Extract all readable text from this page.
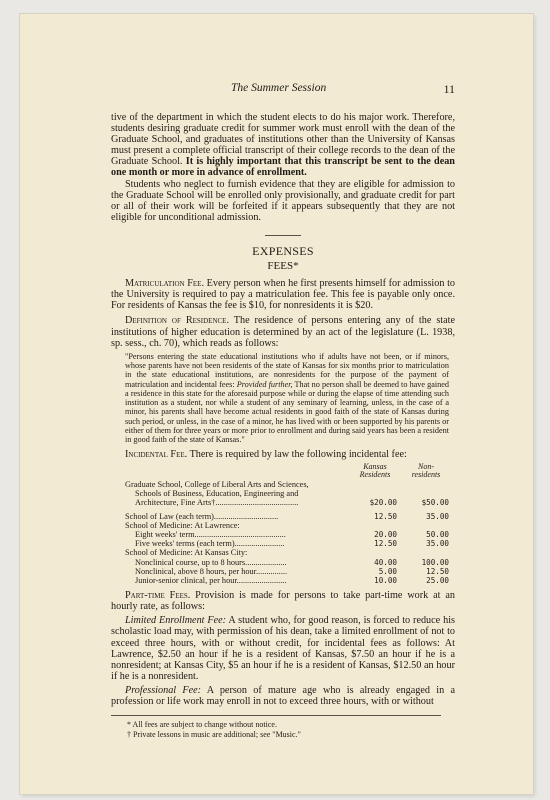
The Summer Session	11

tive of the department in which the student elects to do his major work. Therefore, students desiring graduate credit for summer work must enroll with the dean of the Graduate School, and graduates of institutions other than the University of Kansas must present a complete official transcript of their college records to the dean of the Graduate School. It is highly important that this transcript be sent to the dean one month or more in advance of enrollment.

Students who neglect to furnish evidence that they are eligible for admission to the Graduate School will be enrolled only provisionally, and graduate credit for part or all of their work will be forfeited if it appears subsequently that they are not eligible for unconditional admission.

EXPENSES
FEES*

Matriculation Fee. Every person when he first presents himself for admission to the University is required to pay a matriculation fee. This fee is payable only once. For residents of Kansas the fee is $10, for nonresidents it is $20.

Definition of Residence. The residence of persons entering any of the state institutions of higher education is determined by an act of the legislature (L. 1938, sp. sess., ch. 70), which reads as follows:

"Persons entering the state educational institutions who if adults have not been, or if minors, whose parents have not been residents of the state of Kansas for six months prior to matriculation in the state educational institutions, are nonresidents for the purpose of the payment of matriculation and incidental fees: Provided further, That no person shall be deemed to have gained a residence in this state for the aforesaid purpose while or during the elapse of time attending such institution as a student, nor while a student of any seminary of learning, unless, in the case of a minor, his parents shall have become actual residents in good faith of the state of Kansas during such period, or unless, in the case of a minor, he has lived with or been supported by his parents or either of them for three years or more prior to enrollment and during said years has been a resident in good faith of the state of Kansas."

Incidental Fee. There is required by law the following incidental fee:

	Kansas
Residents	Non-
residents
Graduate School, College of Liberal Arts and Sciences,		
Schools of Business, Education, Engineering and		
Architecture, Fine Arts†........................................	$20.00	$50.00

School of Law (each term)...............................	12.50	35.00
School of Medicine: At Lawrence:		
Eight weeks' term............................................	20.00	50.00
Five weeks' terms (each term)........................	12.50	35.00
School of Medicine: At Kansas City:		
Nonclinical course, up to 8 hours....................	40.00	100.00
Nonclinical, above 8 hours, per hour...............	5.00	12.50
Junior-senior clinical, per hour........................	10.00	25.00

Part-time Fees. Provision is made for persons to take part-time work at an hourly rate, as follows:

Limited Enrollment Fee: A student who, for good reason, is forced to reduce his scholastic load may, with permission of his dean, take a limited enrollment of not to exceed three hours, with or without credit, for incidental fees as follows: At Lawrence, $2.50 an hour if he is a resident of Kansas, $7.50 an hour if he is a nonresident; at Kansas City, $5 an hour if he is a resident of Kansas, $12.50 an hour if he is a nonresident.

Professional Fee: A person of mature age who is already engaged in a profession or life work may enroll in not to exceed three hours, with or without

* All fees are subject to change without notice.
† Private lessons in music are additional; see "Music."
